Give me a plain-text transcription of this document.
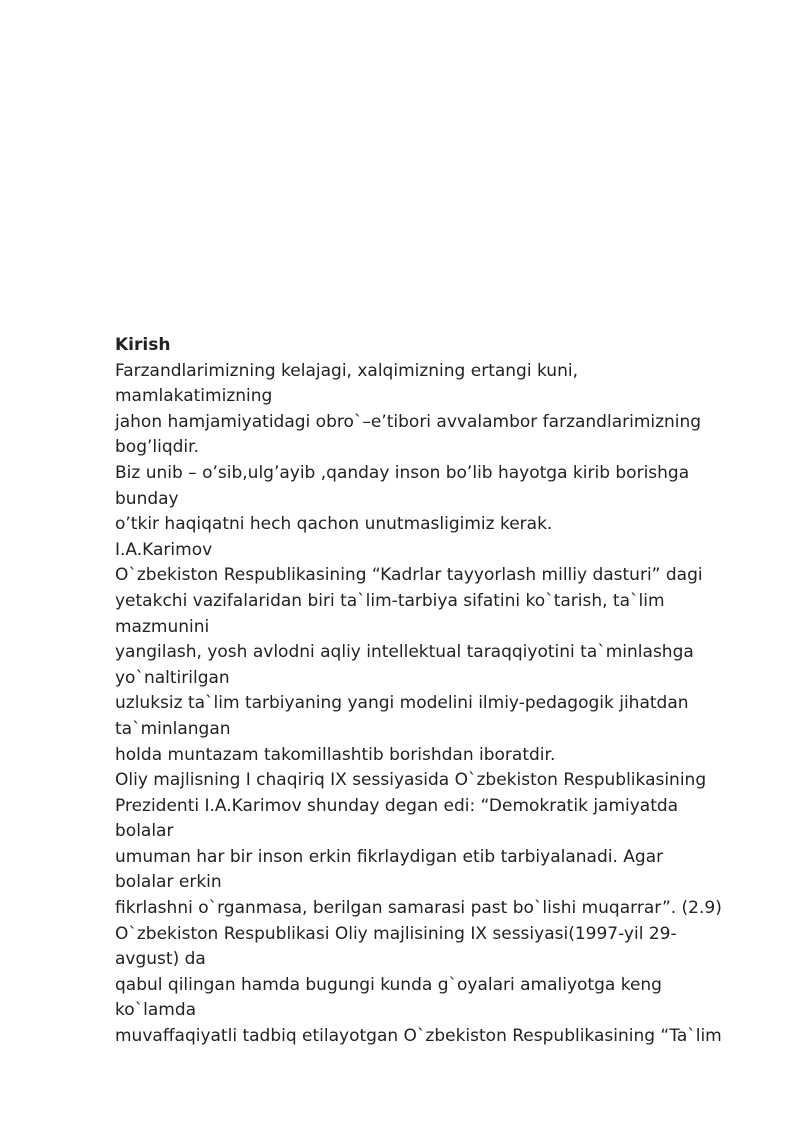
Kirish
Farzandlarimizning kelajagi, xalqimizning ertangi kuni,
mamlakatimizning
jahon hamjamiyatidagi obro`–e’tibori avvalambor farzandlarimizning
bog’liqdir.
Biz unib – o’sib,ulg’ayib ,qanday inson bo’lib hayotga kirib borishga
bunday
o’tkir haqiqatni hech qachon unutmasligimiz kerak.
I.A.Karimov
O`zbekiston Respublikasining “Kadrlar tayyorlash milliy dasturi” dagi
yetakchi vazifalaridan biri ta`lim-tarbiya sifatini ko`tarish, ta`lim
mazmunini
yangilash, yosh avlodni aqliy intellektual taraqqiyotini ta`minlashga
yo`naltirilgan
uzluksiz ta`lim tarbiyaning yangi modelini ilmiy-pedagogik jihatdan
ta`minlangan
holda muntazam takomillashtib borishdan iboratdir.
Oliy majlisning I chaqiriq IX sessiyasida O`zbekiston Respublikasining
Prezidenti I.A.Karimov shunday degan edi: “Demokratik jamiyatda
bolalar
umuman har bir inson erkin fikrlaydigan etib tarbiyalanadi. Agar
bolalar erkin
fikrlashni o`rganmasa, berilgan samarasi past bo`lishi muqarrar”. (2.9)
O`zbekiston Respublikasi Oliy majlisining IX sessiyasi(1997-yil 29-
avgust) da
qabul qilingan hamda bugungi kunda g`oyalari amaliyotga keng
ko`lamda
muvaffaqiyatli tadbiq etilayotgan O`zbekiston Respublikasining “Ta`lim
